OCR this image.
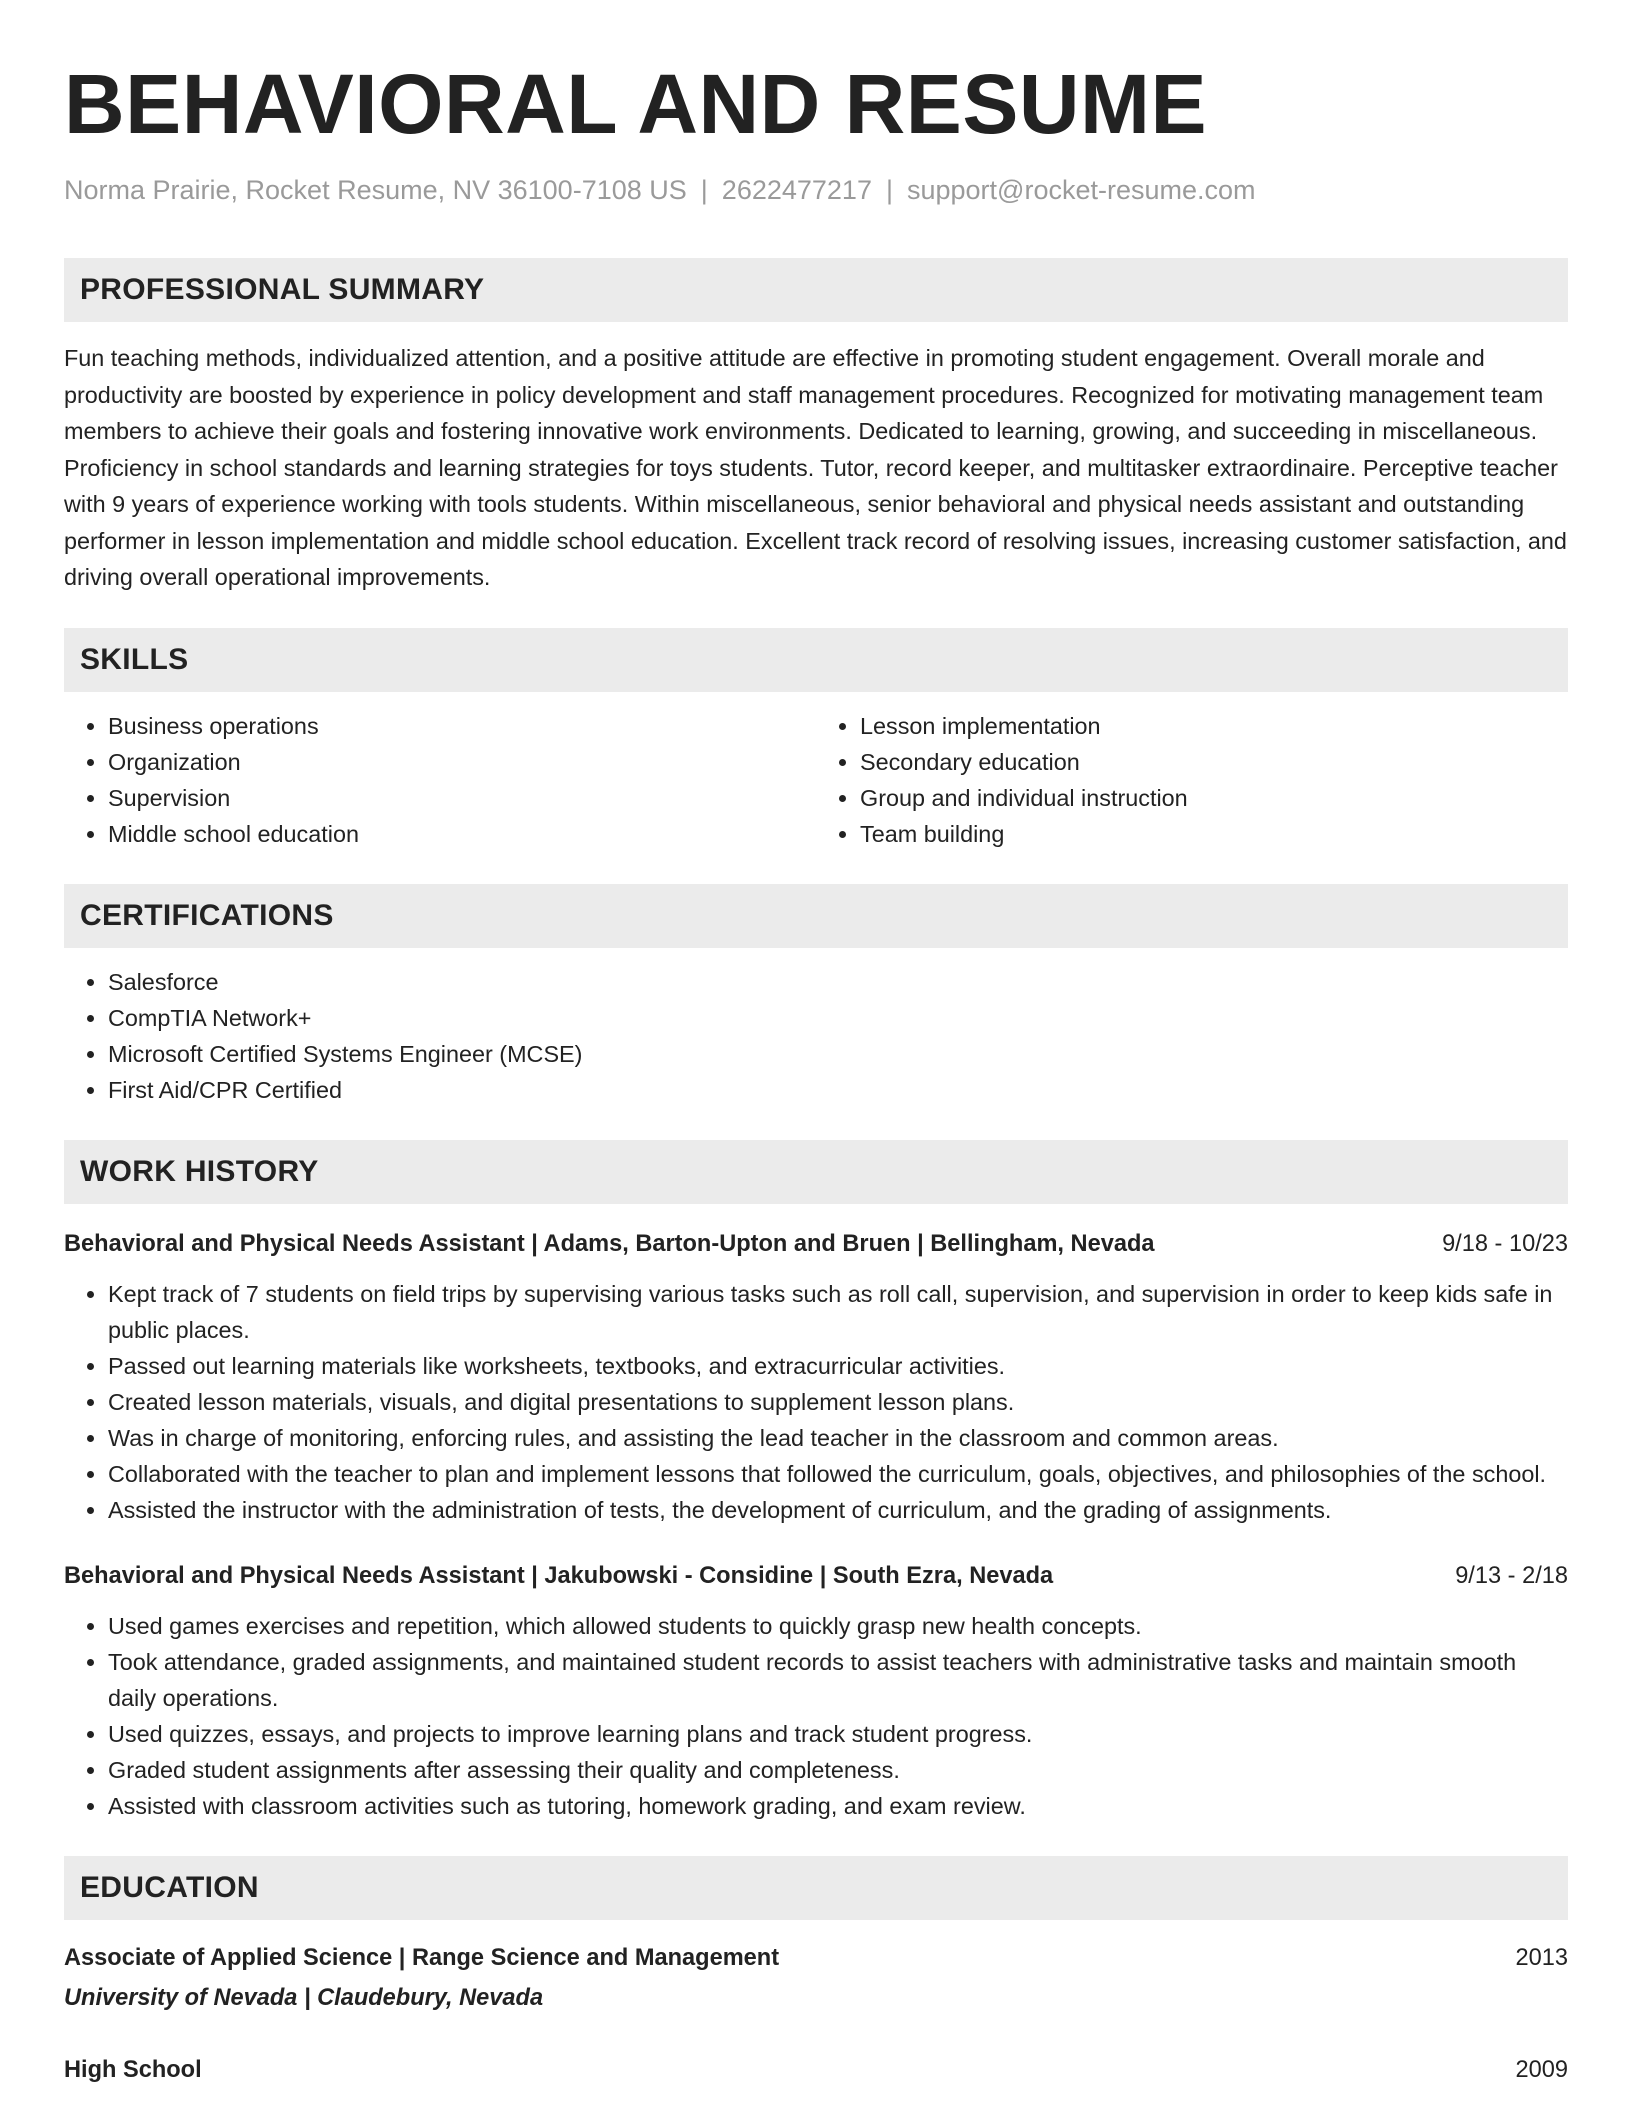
BEHAVIORAL AND RESUME
Norma Prairie, Rocket Resume, NV 36100-7108 US | 2622477217 | support@rocket-resume.com
PROFESSIONAL SUMMARY
Fun teaching methods, individualized attention, and a positive attitude are effective in promoting student engagement. Overall morale and productivity are boosted by experience in policy development and staff management procedures. Recognized for motivating management team members to achieve their goals and fostering innovative work environments. Dedicated to learning, growing, and succeeding in miscellaneous. Proficiency in school standards and learning strategies for toys students. Tutor, record keeper, and multitasker extraordinaire. Perceptive teacher with 9 years of experience working with tools students. Within miscellaneous, senior behavioral and physical needs assistant and outstanding performer in lesson implementation and middle school education. Excellent track record of resolving issues, increasing customer satisfaction, and driving overall operational improvements.
SKILLS
• Business operations
• Organization
• Supervision
• Middle school education
• Lesson implementation
• Secondary education
• Group and individual instruction
• Team building
CERTIFICATIONS
• Salesforce
• CompTIA Network+
• Microsoft Certified Systems Engineer (MCSE)
• First Aid/CPR Certified
WORK HISTORY
Behavioral and Physical Needs Assistant | Adams, Barton-Upton and Bruen | Bellingham, Nevada	9/18 - 10/23
• Kept track of 7 students on field trips by supervising various tasks such as roll call, supervision, and supervision in order to keep kids safe in public places.
• Passed out learning materials like worksheets, textbooks, and extracurricular activities.
• Created lesson materials, visuals, and digital presentations to supplement lesson plans.
• Was in charge of monitoring, enforcing rules, and assisting the lead teacher in the classroom and common areas.
• Collaborated with the teacher to plan and implement lessons that followed the curriculum, goals, objectives, and philosophies of the school.
• Assisted the instructor with the administration of tests, the development of curriculum, and the grading of assignments.
Behavioral and Physical Needs Assistant | Jakubowski - Considine | South Ezra, Nevada	9/13 - 2/18
• Used games exercises and repetition, which allowed students to quickly grasp new health concepts.
• Took attendance, graded assignments, and maintained student records to assist teachers with administrative tasks and maintain smooth daily operations.
• Used quizzes, essays, and projects to improve learning plans and track student progress.
• Graded student assignments after assessing their quality and completeness.
• Assisted with classroom activities such as tutoring, homework grading, and exam review.
EDUCATION
Associate of Applied Science | Range Science and Management	2013
University of Nevada | Claudebury, Nevada
High School	2009
